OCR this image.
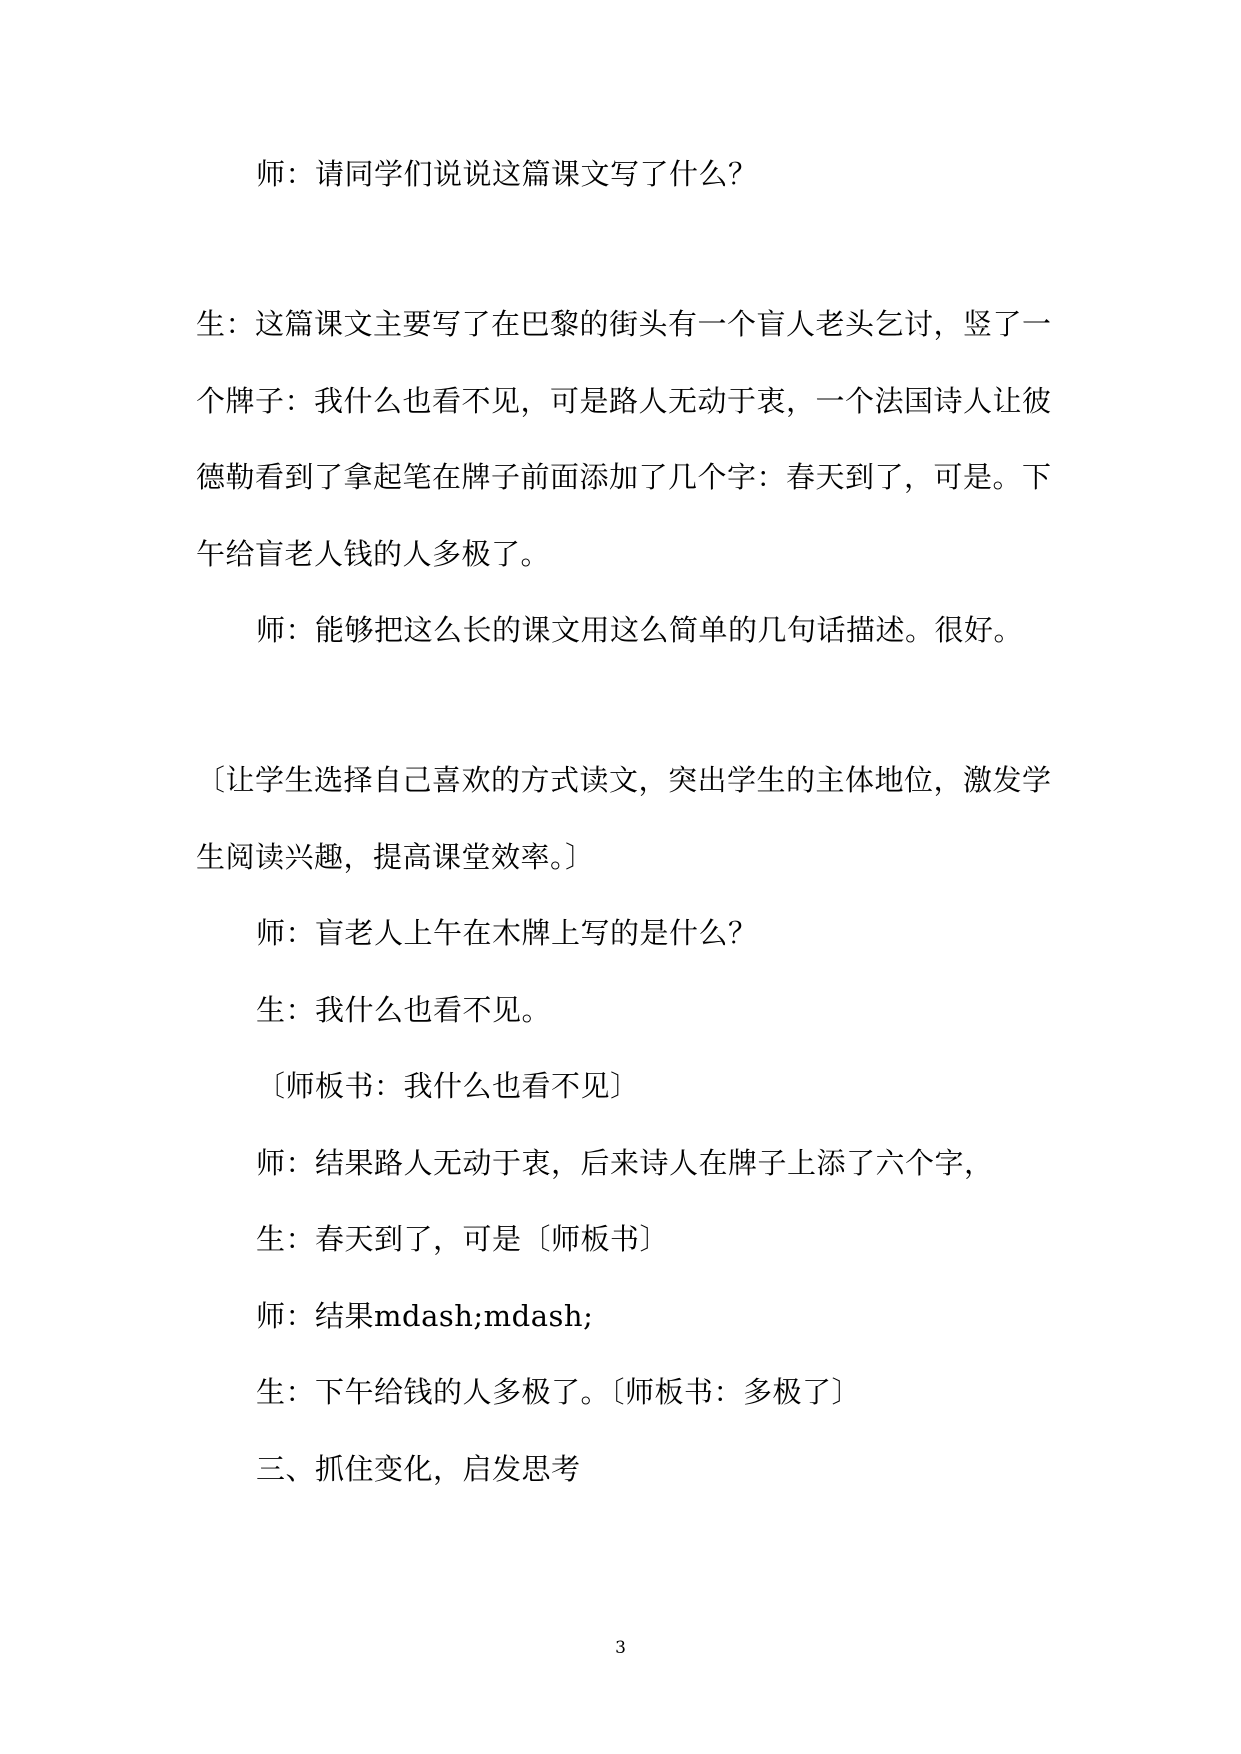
师：请同学们说说这篇课文写了什么？
生：这篇课文主要写了在巴黎的街头有一个盲人老头乞讨，竖了一
个牌子：我什么也看不见，可是路人无动于衷，一个法国诗人让彼
德勒看到了拿起笔在牌子前面添加了几个字：春天到了，可是。下
午给盲老人钱的人多极了。
师：能够把这么长的课文用这么简单的几句话描述。很好。
〔让学生选择自己喜欢的方式读文，突出学生的主体地位，激发学
生阅读兴趣，提高课堂效率。〕
师：盲老人上午在木牌上写的是什么？
生：我什么也看不见。
〔师板书：我什么也看不见〕
师：结果路人无动于衷，后来诗人在牌子上添了六个字，
生：春天到了，可是〔师板书〕
师：结果mdash;mdash;
生：下午给钱的人多极了。〔师板书：多极了〕
三、抓住变化，启发思考
3
